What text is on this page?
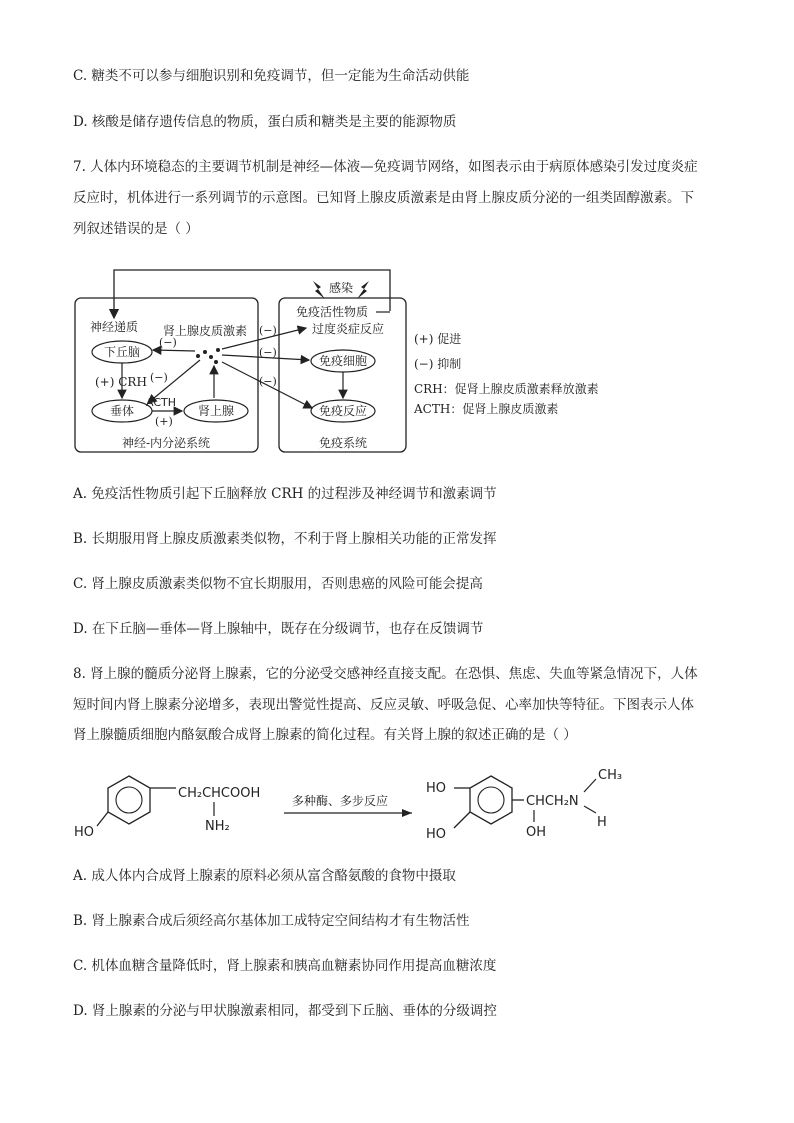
C. 糖类不可以参与细胞识别和免疫调节，但一定能为生命活动供能
D. 核酸是储存遗传信息的物质，蛋白质和糖类是主要的能源物质
7. 人体内环境稳态的主要调节机制是神经—体液—免疫调节网络，如图表示由于病原体感染引发过度炎症
反应时，机体进行一系列调节的示意图。已知肾上腺皮质激素是由肾上腺皮质分泌的一组类固醇激素。下
列叙述错误的是（ ）
感染
神经递质 肾上腺皮质激素
下丘脑
(+) CRH
垂体	肾上腺
ACTH
(+)
神经-内分泌系统
(−)
(−)
免疫活性物质
过度炎症反应
免疫细胞
免疫反应
免疫系统
(−)
(−)
(−)
(+) 促进
(−) 抑制
CRH：促肾上腺皮质激素释放激素
ACTH：促肾上腺皮质激素
A. 免疫活性物质引起下丘脑释放 CRH 的过程涉及神经调节和激素调节
B. 长期服用肾上腺皮质激素类似物，不利于肾上腺相关功能的正常发挥
C. 肾上腺皮质激素类似物不宜长期服用，否则患癌的风险可能会提高
D. 在下丘脑—垂体—肾上腺轴中，既存在分级调节，也存在反馈调节
8. 肾上腺的髓质分泌肾上腺素，它的分泌受交感神经直接支配。在恐惧、焦虑、失血等紧急情况下，人体
短时间内肾上腺素分泌增多，表现出警觉性提高、反应灵敏、呼吸急促、心率加快等特征。下图表示人体
肾上腺髓质细胞内酪氨酸合成肾上腺素的简化过程。有关肾上腺的叙述正确的是（ ）
CH₂CHCOOH
NH₂
HO
多种酶、多步反应
HO
HO
CHCH₂N
OH
CH₃
H
A. 成人体内合成肾上腺素的原料必须从富含酪氨酸的食物中摄取
B. 肾上腺素合成后须经高尔基体加工成特定空间结构才有生物活性
C. 机体血糖含量降低时，肾上腺素和胰高血糖素协同作用提高血糖浓度
D. 肾上腺素的分泌与甲状腺激素相同，都受到下丘脑、垂体的分级调控
